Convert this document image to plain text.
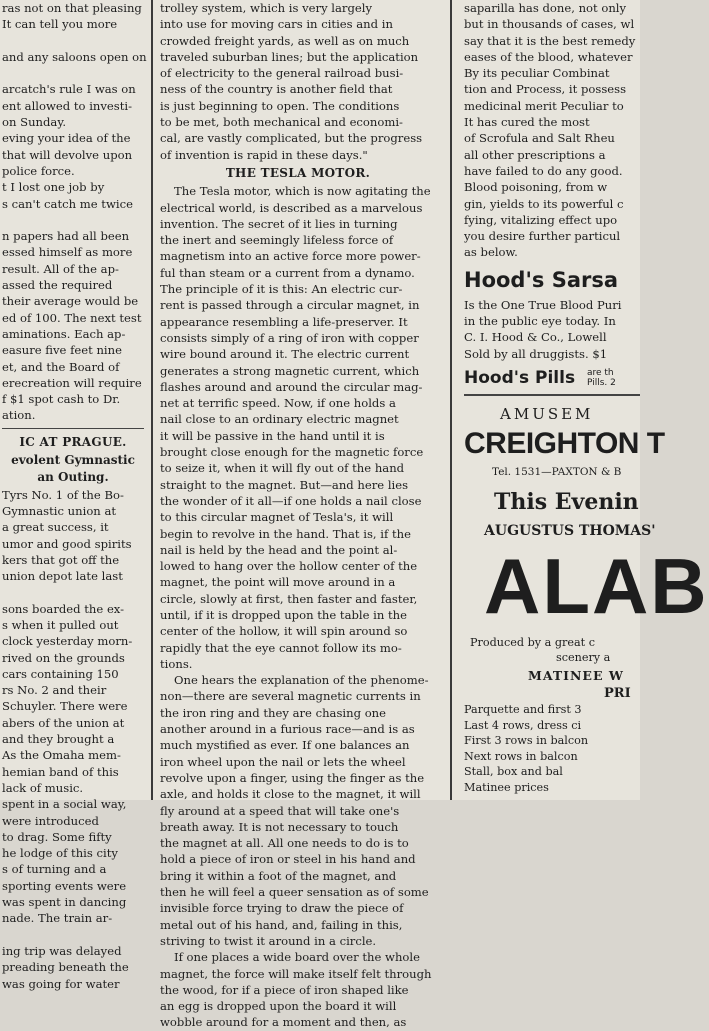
ras not on that pleasing
It can tell you more

and any saloons open on

arcatch's rule I was on
ent allowed to investi-
on Sunday.
eving your idea of the
that will devolve upon
police force.
t I lost one job by
s can't catch me twice

n papers had all been
essed himself as more
result. All of the ap-
assed the required
their average would be
ed of 100. The next test
aminations. Each ap-
easure five feet nine
et, and the Board of
erecreation will require
f $1 spot cash to Dr.
ation.
IC AT PRAGUE.
evolent Gymnastic
an Outing.
Tyrs No. 1 of the Bo-
Gymnastic union at
a great success, it
umor and good spirits
kers that got off the
union depot late last

sons boarded the ex-
s when it pulled out
clock yesterday morn-
rived on the grounds
cars containing 150
rs No. 2 and their
Schuyler. There were
abers of the union at
and they brought a
As the Omaha mem-
hemian band of this
lack of music.
spent in a social way,
were introduced
to drag. Some fifty
he lodge of this city
s of turning and a
sporting events were
was spent in dancing
nade. The train ar-

ing trip was delayed
preading beneath the
was going for water
trolley system, which is very largely
into use for moving cars in cities and in
crowded freight yards, as well as on much
traveled suburban lines; but the application
of electricity to the general railroad busi-
ness of the country is another field that
is just beginning to open. The conditions
to be met, both mechanical and economi-
cal, are vastly complicated, but the progress
of invention is rapid in these days."
THE TESLA MOTOR.
The Tesla motor, which is now agitating the
electrical world, is described as a marvelous
invention. The secret of it lies in turning
the inert and seemingly lifeless force of
magnetism into an active force more power-
ful than steam or a current from a dynamo.
The principle of it is this: An electric cur-
rent is passed through a circular magnet, in
appearance resembling a life-preserver. It
consists simply of a ring of iron with copper
wire bound around it. The electric current
generates a strong magnetic current, which
flashes around and around the circular mag-
net at terrific speed. Now, if one holds a
nail close to an ordinary electric magnet
it will be passive in the hand until it is
brought close enough for the magnetic force
to seize it, when it will fly out of the hand
straight to the magnet. But—and here lies
the wonder of it all—if one holds a nail close
to this circular magnet of Tesla's, it will
begin to revolve in the hand. That is, if the
nail is held by the head and the point al-
lowed to hang over the hollow center of the
magnet, the point will move around in a
circle, slowly at first, then faster and faster,
until, if it is dropped upon the table in the
center of the hollow, it will spin around so
rapidly that the eye cannot follow its mo-
tions.
One hears the explanation of the phenome-
non—there are several magnetic currents in
the iron ring and they are chasing one
another around in a furious race—and is as
much mystified as ever. If one balances an
iron wheel upon the nail or lets the wheel
revolve upon a finger, using the finger as the
axle, and holds it close to the magnet, it will
fly around at a speed that will take one's
breath away. It is not necessary to touch
the magnet at all. All one needs to do is to
hold a piece of iron or steel in his hand and
bring it within a foot of the magnet, and
then he will feel a queer sensation as of some
invisible force trying to draw the piece of
metal out of his hand, and, failing in this,
striving to twist it around in a circle.
If one places a wide board over the whole
magnet, the force will make itself felt through
the wood, for if a piece of iron shaped like
an egg is dropped upon the board it will
wobble around for a moment and then, as
saparilla has done, not only
but in thousands of cases, wl
say that it is the best remedy
eases of the blood, whatever
By its peculiar Combinat
tion and Process, it possess
medicinal merit Peculiar to
It has cured the most
of Scrofula and Salt Rheu
all other prescriptions a
have failed to do any good.
Blood poisoning, from w
gin, yields to its powerful c
fying, vitalizing effect upo
you desire further particul
as below.
Hood's Sarsa
Is the One True Blood Puri
in the public eye today. In
C. I. Hood & Co., Lowell
Sold by all druggists. $1
Hood's Pills are th
Pills. 2
AMUSEM
CREIGHTON T
Tel. 1531—PAXTON & B
This Evenin
AUGUSTUS THOMAS'
ALAB
Produced by a great c
scenery a
MATINEE W
PRI
Parquette and first 3
Last 4 rows, dress ci
First 3 rows in balcon
Next rows in balcon
Stall, box and bal
Matinee prices
